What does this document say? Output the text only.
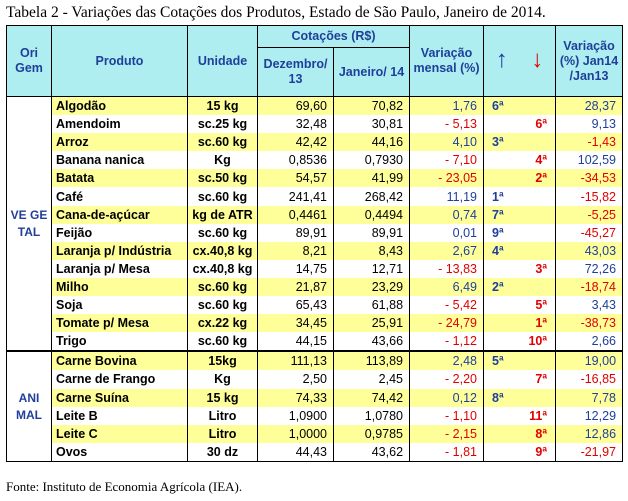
Tabela 2 - Variações das Cotações dos Produtos, Estado de São Paulo, Janeiro de 2014.
Ori Gem	Produto	Unidade	Cotações (R$)		Variação mensal (%)	↑	↓	Variação (%) Jan14 /Jan13
			Dezembro/ 13	Janeiro/ 14				
VE GE TAL	Algodão	15 kg	69,60	70,82	1,76	6ª		28,37
	Amendoim	sc.25 kg	32,48	30,81	- 5,13		6ª	9,13
	Arroz	sc.60 kg	42,42	44,16	4,10	3ª		-1,43
	Banana nanica	Kg	0,8536	0,7930	- 7,10		4ª	102,59
	Batata	sc.50 kg	54,57	41,99	- 23,05		2ª	-34,53
	Café	sc.60 kg	241,41	268,42	11,19	1ª		-15,82
	Cana-de-açúcar	kg de ATR	0,4461	0,4494	0,74	7ª		-5,25
	Feijão	sc.60 kg	89,91	89,91	0,01	9ª		-45,27
	Laranja p/ Indústria	cx.40,8 kg	8,21	8,43	2,67	4ª		43,03
	Laranja p/ Mesa	cx.40,8 kg	14,75	12,71	- 13,83		3ª	72,26
	Milho	sc.60 kg	21,87	23,29	6,49	2ª		-18,74
	Soja	sc.60 kg	65,43	61,88	- 5,42		5ª	3,43
	Tomate p/ Mesa	cx.22 kg	34,45	25,91	- 24,79		1ª	-38,73
	Trigo	sc.60 kg	44,15	43,66	- 1,12		10ª	2,66
ANI MAL	Carne Bovina	15kg	111,13	113,89	2,48	5ª		19,00
	Carne de Frango	Kg	2,50	2,45	- 2,20		7ª	-16,85
	Carne Suína	15 kg	74,33	74,42	0,12	8ª		7,78
	Leite B	Litro	1,0900	1,0780	- 1,10		11ª	12,29
	Leite C	Litro	1,0000	0,9785	- 2,15		8ª	12,86
	Ovos	30 dz	44,43	43,62	- 1,81		9ª	-21,97
Fonte: Instituto de Economia Agrícola (IEA).
